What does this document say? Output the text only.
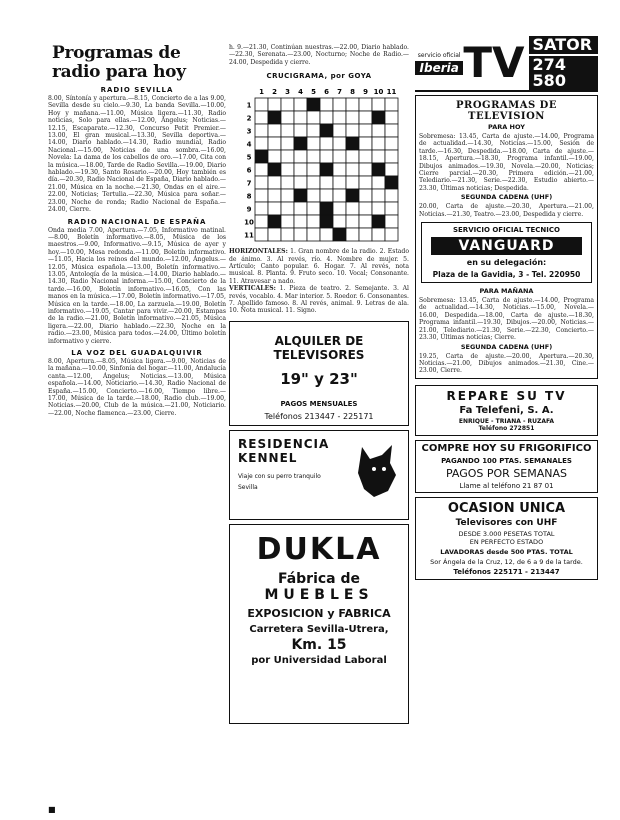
Programas de radio para hoy
RADIO SEVILLA

8.00, Síntonía y apertura.—8.15, Concierto de a las 9.00, Sevilla desde su cielo.—9.30, La banda Sevilla.—10.00, Hoy y mañana.—11.00, Música ligera.—11.30, Radio noticias, Solo para ellas.—12.00, Ángelus; Noticias.—12.15, Escaparate.—12.30, Concurso Petit Premier.—13.00, El gran musical.—13.30, Sevilla deportiva.—14.00, Diario hablado.—14.30, Radio mundial, Radio Nacional.—15.00, Noticias de una sombra.—16.00, Novela: La dama de los cabellos de oro.—17.00, Cita con la música.—18.00, Tarde de Radio Sevilla.—19.00, Diario hablado.—19.30, Santo Rosario.—20.00, Hoy también es día.—20.30, Radio Nacional de España, Diario hablado.—21.00, Música en la noche.—21.30, Ondas en el aire.—22.00, Noticias; Tertulia.—22.30, Música para soñar.—23.00, Noche de ronda; Radio Nacional de España.—24.00, Cierre.

RADIO NACIONAL DE ESPAÑA

Onda media 7.00, Apertura.—7.05, Informativo matinal.—8.00, Boletín informativo.—8.05, Música de los maestros.—9.00, Informativo.—9.15, Música de ayer y hoy.—10.00, Mesa redonda.—11.00, Boletín informativo.—11.05, Hacia los reinos del mundo.—12.00, Ángelus.—12.05, Música española.—13.00, Boletín informativo.—13.05, Antología de la música.—14.00, Diario hablado.—14.30, Radio Nacional informa.—15.00, Concierto de la tarde.—16.00, Boletín informativo.—16.05, Con las manos en la música.—17.00, Boletín informativo.—17.05, Música en la tarde.—18.00, La zarzuela.—19.00, Boletín informativo.—19.05, Cantar para vivir.—20.00, Estampas de la radio.—21.00, Boletín informativo.—21.05, Música ligera.—22.00, Diario hablado.—22.30, Noche en la radio.—23.00, Música para todos.—24.00, Último boletín informativo y cierre.

LA VOZ DEL GUADALQUIVIR

8.00, Apertura.—8.05, Música ligera.—9.00, Noticias de la mañana.—10.00, Sinfonía del hogar.—11.00, Andalucía canta.—12.00, Ángelus; Noticias.—13.00, Música española.—14.00, Noticiario.—14.30, Radio Nacional de España.—15.00, Concierto.—16.00, Tiempo libre.—17.00, Música de la tarde.—18.00, Radio club.—19.00, Noticias.—20.00, Club de la música.—21.00, Noticiario.—22.00, Noche flamenca.—23.00, Cierre.

h. 9.—21.30, Continúan nuestras.—22.00, Diario hablado.—22.30, Serenata.—23.00, Nocturno; Noche de Radio.—24.00, Despedida y cierre.

CRUCIGRAMA, por GOYA
1 2 3 4 5 6 7 8 9 10 11
1
2
3
4
5
6
7
8
9
10
11

HORIZONTALES: 1. Gran nombre de la radio. 2. Estado de ánimo. 3. Al revés, río. 4. Nombre de mujer. 5. Artículo; Canto popular. 6. Hogar. 7. Al revés, nota musical. 8. Planta. 9. Fruto seco. 10. Vocal; Consonante. 11. Atravesar a nado.

VERTICALES: 1. Pieza de teatro. 2. Semejante. 3. Al revés, vocablo. 4. Mar interior. 5. Roedor. 6. Consonantes. 7. Apellido famoso. 8. Al revés, animal. 9. Letras de ala. 10. Nota musical. 11. Signo.

ALQUILER DE TELEVISORES
19" y 23"
PAGOS MENSUALES
Teléfonos 213447 - 225171
RESIDENCIA
KENNEL
Viaje con su perro tranquilo
Sevilla
DUKLA
Fábrica de
MUEBLES
EXPOSICION y FABRICA
Carretera Sevilla-Utrera,
Km. 15
por Universidad Laboral
servicio oficial
Iberia TV SATOR
274 580
PROGRAMAS DE TELEVISION
PARA HOY

Sobremesa: 13.45, Carta de ajuste.—14.00, Programa de actualidad.—14.30, Noticias.—15.00, Sesión de tarde.—16.30, Despedida.—18.00, Carta de ajuste.—18.15, Apertura.—18.30, Programa infantil.—19.00, Dibujos animados.—19.30, Novela.—20.00, Noticias; Cierre parcial.—20.30, Primera edición.—21.00, Telediario.—21.30, Serie.—22.30, Estudio abierto.—23.30, Últimas noticias; Despedida.

SEGUNDA CADENA (UHF)

20.00, Carta de ajuste.—20.30, Apertura.—21.00, Noticias.—21.30, Teatro.—23.00, Despedida y cierre.

SERVICIO OFICIAL TECNICO
VANGUARD
en su delegación:
Plaza de la Gavidia, 3 - Tel. 220950
PARA MAÑANA

Sobremesa: 13.45, Carta de ajuste.—14.00, Programa de actualidad.—14.30, Noticias.—15.00, Novela.—16.00, Despedida.—18.00, Carta de ajuste.—18.30, Programa infantil.—19.30, Dibujos.—20.00, Noticias.—21.00, Telediario.—21.30, Serie.—22.30, Concierto.—23.30, Últimas noticias; Cierre.

SEGUNDA CADENA (UHF)

19.25, Carta de ajuste.—20.00, Apertura.—20.30, Noticias.—21.00, Dibujos animados.—21.30, Cine.—23.00, Cierre.

REPARE SU TV
Fa Telefeni, S. A.
ENRIQUE - TRIANA - RUZAFA
Teléfono 272851
COMPRE HOY SU FRIGORIFICO
PAGANDO 100 PTAS. SEMANALES
PAGOS POR SEMANAS
Llame al teléfono 21 87 01
OCASION UNICA
Televisores con UHF
DESDE 3.000 PESETAS TOTAL
EN PERFECTO ESTADO
LAVADORAS desde 500 PTAS. TOTAL
Sor Ángela de la Cruz, 12, de 6 a 9 de la tarde.
Teléfonos 225171 - 213447
■
